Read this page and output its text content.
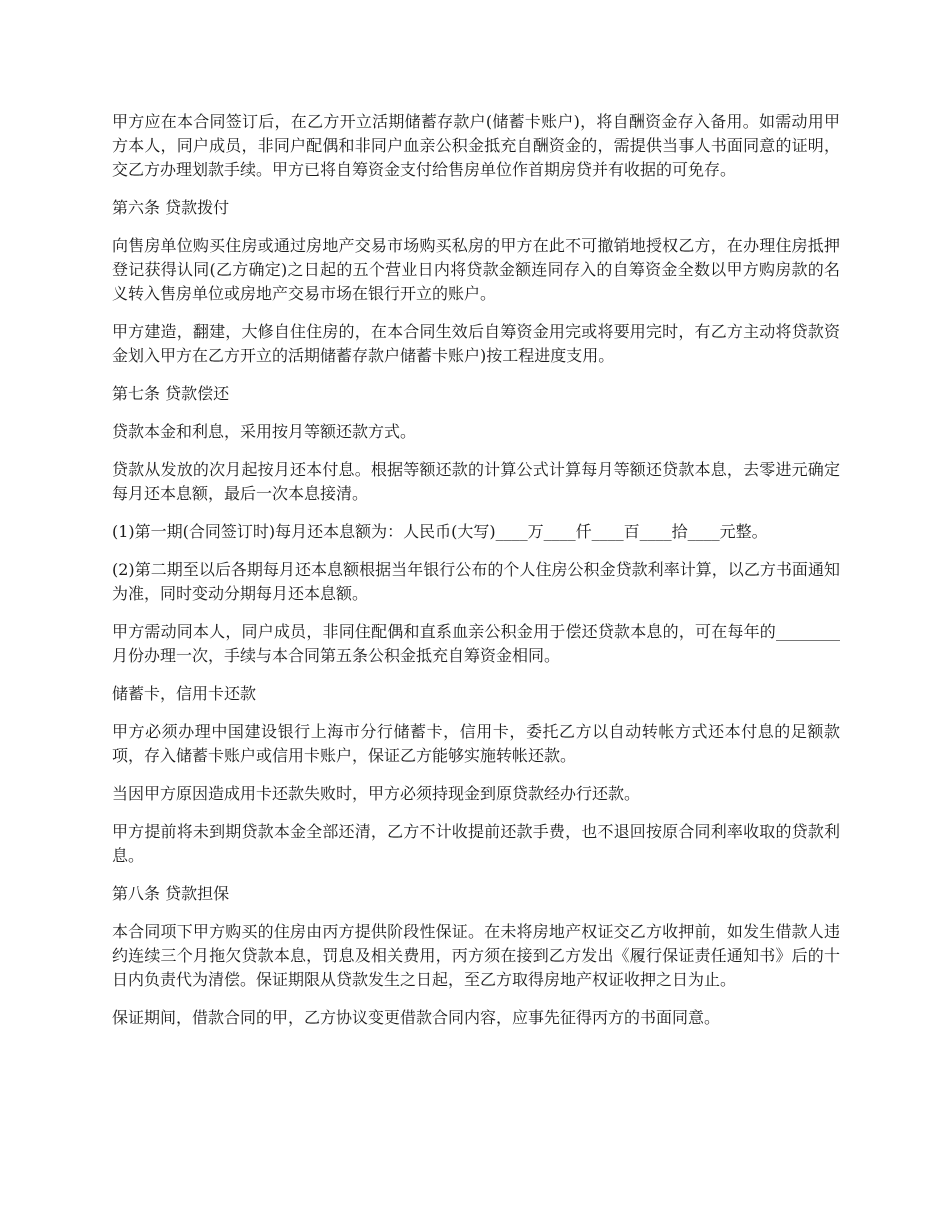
甲方应在本合同签订后，在乙方开立活期储蓄存款户(储蓄卡账户)，将自酬资金存入备用。如需动用甲方本人，同户成员，非同户配偶和非同户血亲公积金抵充自酬资金的，需提供当事人书面同意的证明，交乙方办理划款手续。甲方已将自筹资金支付给售房单位作首期房贷并有收据的可免存。

第六条 贷款拨付

向售房单位购买住房或通过房地产交易市场购买私房的甲方在此不可撤销地授权乙方，在办理住房抵押登记获得认同(乙方确定)之日起的五个营业日内将贷款金额连同存入的自筹资金全数以甲方购房款的名义转入售房单位或房地产交易市场在银行开立的账户。

甲方建造，翻建，大修自住住房的，在本合同生效后自筹资金用完或将要用完时，有乙方主动将贷款资金划入甲方在乙方开立的活期储蓄存款户储蓄卡账户)按工程进度支用。

第七条 贷款偿还

贷款本金和利息，采用按月等额还款方式。

贷款从发放的次月起按月还本付息。根据等额还款的计算公式计算每月等额还贷款本息，去零进元确定每月还本息额，最后一次本息接清。

(1)第一期(合同签订时)每月还本息额为：人民币(大写)____万____仟____百____拾____元整。

(2)第二期至以后各期每月还本息额根据当年银行公布的个人住房公积金贷款利率计算，以乙方书面通知为准，同时变动分期每月还本息额。

甲方需动同本人，同户成员，非同住配偶和直系血亲公积金用于偿还贷款本息的，可在每年的________月份办理一次，手续与本合同第五条公积金抵充自筹资金相同。

储蓄卡，信用卡还款

甲方必须办理中国建设银行上海市分行储蓄卡，信用卡，委托乙方以自动转帐方式还本付息的足额款项，存入储蓄卡账户或信用卡账户，保证乙方能够实施转帐还款。

当因甲方原因造成用卡还款失败时，甲方必须持现金到原贷款经办行还款。

甲方提前将未到期贷款本金全部还清，乙方不计收提前还款手费，也不退回按原合同利率收取的贷款利息。

第八条 贷款担保

本合同项下甲方购买的住房由丙方提供阶段性保证。在未将房地产权证交乙方收押前，如发生借款人违约连续三个月拖欠贷款本息，罚息及相关费用，丙方须在接到乙方发出《履行保证责任通知书》后的十日内负责代为清偿。保证期限从贷款发生之日起，至乙方取得房地产权证收押之日为止。

保证期间，借款合同的甲，乙方协议变更借款合同内容，应事先征得丙方的书面同意。
